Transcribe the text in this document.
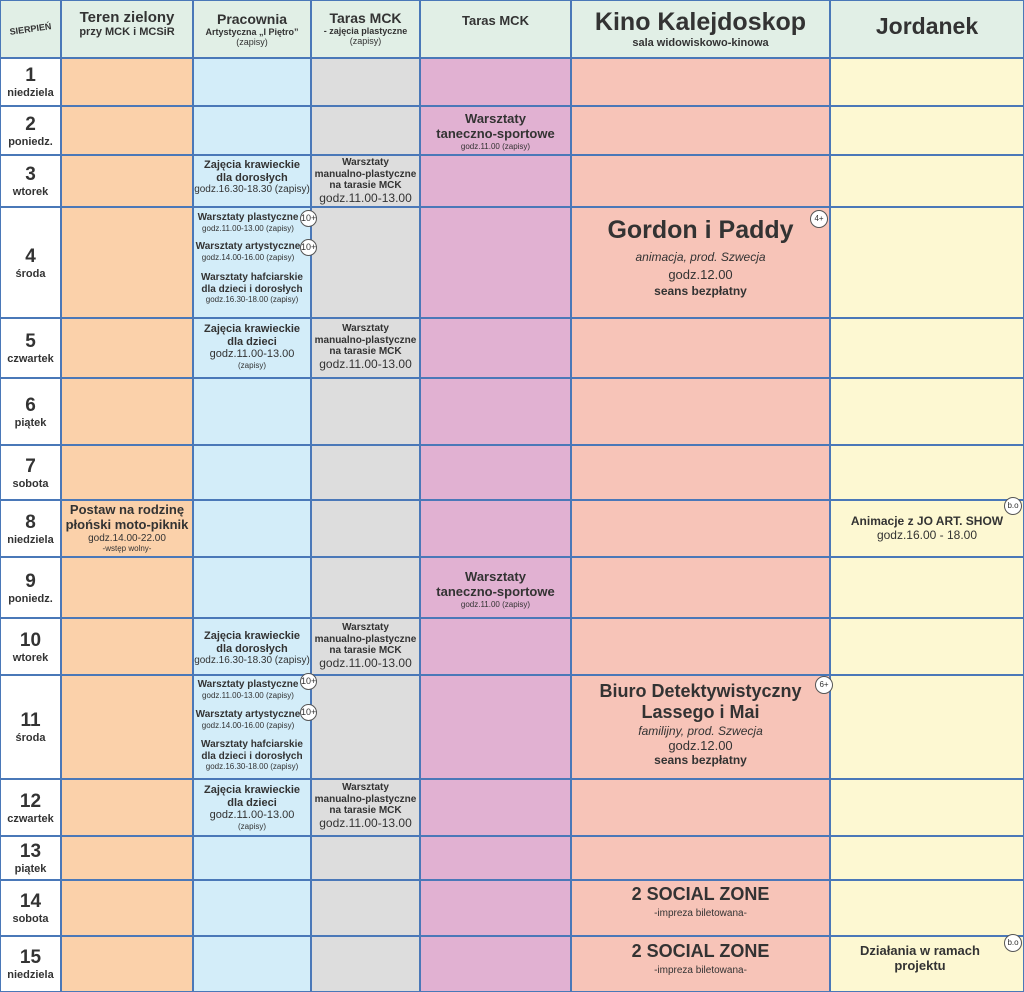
SIERPIEŃ
Teren zielony
przy MCK i MCSiR
Pracownia
Artystyczna „I Piętro”
(zapisy)
Taras MCK
- zajęcia plastyczne
(zapisy)
Taras MCK	Kino Kalejdoskop
sala widowiskowo-kinowa
Jordanek
1
niedziela
2
poniedz.
3
wtorek
4
środa
5
czwartek
6
piątek
7
sobota
8
niedziela
9
poniedz.
10
wtorek
11
środa
12
czwartek
13
piątek
14
sobota
15
niedziela
Warsztaty
taneczno-sportowe
godz.11.00 (zapisy)
Zajęcia krawieckie
dla dorosłych
godz.16.30-18.30 (zapisy)
Warsztaty
manualno-plastyczne
na tarasie MCK
godz.11.00-13.00
Warsztaty plastyczne
godz.11.00-13.00 (zapisy)
10+
Warsztaty artystyczne
godz.14.00-16.00 (zapisy)
10+
Warsztaty hafciarskie
dla dzieci i dorosłych
godz.16.30-18.00 (zapisy)
Gordon i Paddy
animacja, prod. Szwecja
godz.12.00
seans bezpłatny
4+
Zajęcia krawieckie
dla dzieci
godz.11.00-13.00
(zapisy)
Warsztaty
manualno-plastyczne
na tarasie MCK
godz.11.00-13.00
Postaw na rodzinę
płoński moto-piknik
godz.14.00-22.00
-wstęp wolny-
Animacje z JO ART. SHOW
godz.16.00 - 18.00
b.o
Warsztaty
taneczno-sportowe
godz.11.00 (zapisy)
Zajęcia krawieckie
dla dorosłych
godz.16.30-18.30 (zapisy)
Warsztaty
manualno-plastyczne
na tarasie MCK
godz.11.00-13.00
Warsztaty plastyczne
godz.11.00-13.00 (zapisy)
10+
Warsztaty artystyczne
godz.14.00-16.00 (zapisy)
10+
Warsztaty hafciarskie
dla dzieci i dorosłych
godz.16.30-18.00 (zapisy)
Biuro Detektywistyczny
Lassego i Mai
familijny, prod. Szwecja
godz.12.00
seans bezpłatny
6+
Zajęcia krawieckie
dla dzieci
godz.11.00-13.00
(zapisy)
Warsztaty
manualno-plastyczne
na tarasie MCK
godz.11.00-13.00
2 SOCIAL ZONE
-impreza biletowana-
2 SOCIAL ZONE
-impreza biletowana-
Działania w ramach
projektu
b.o
